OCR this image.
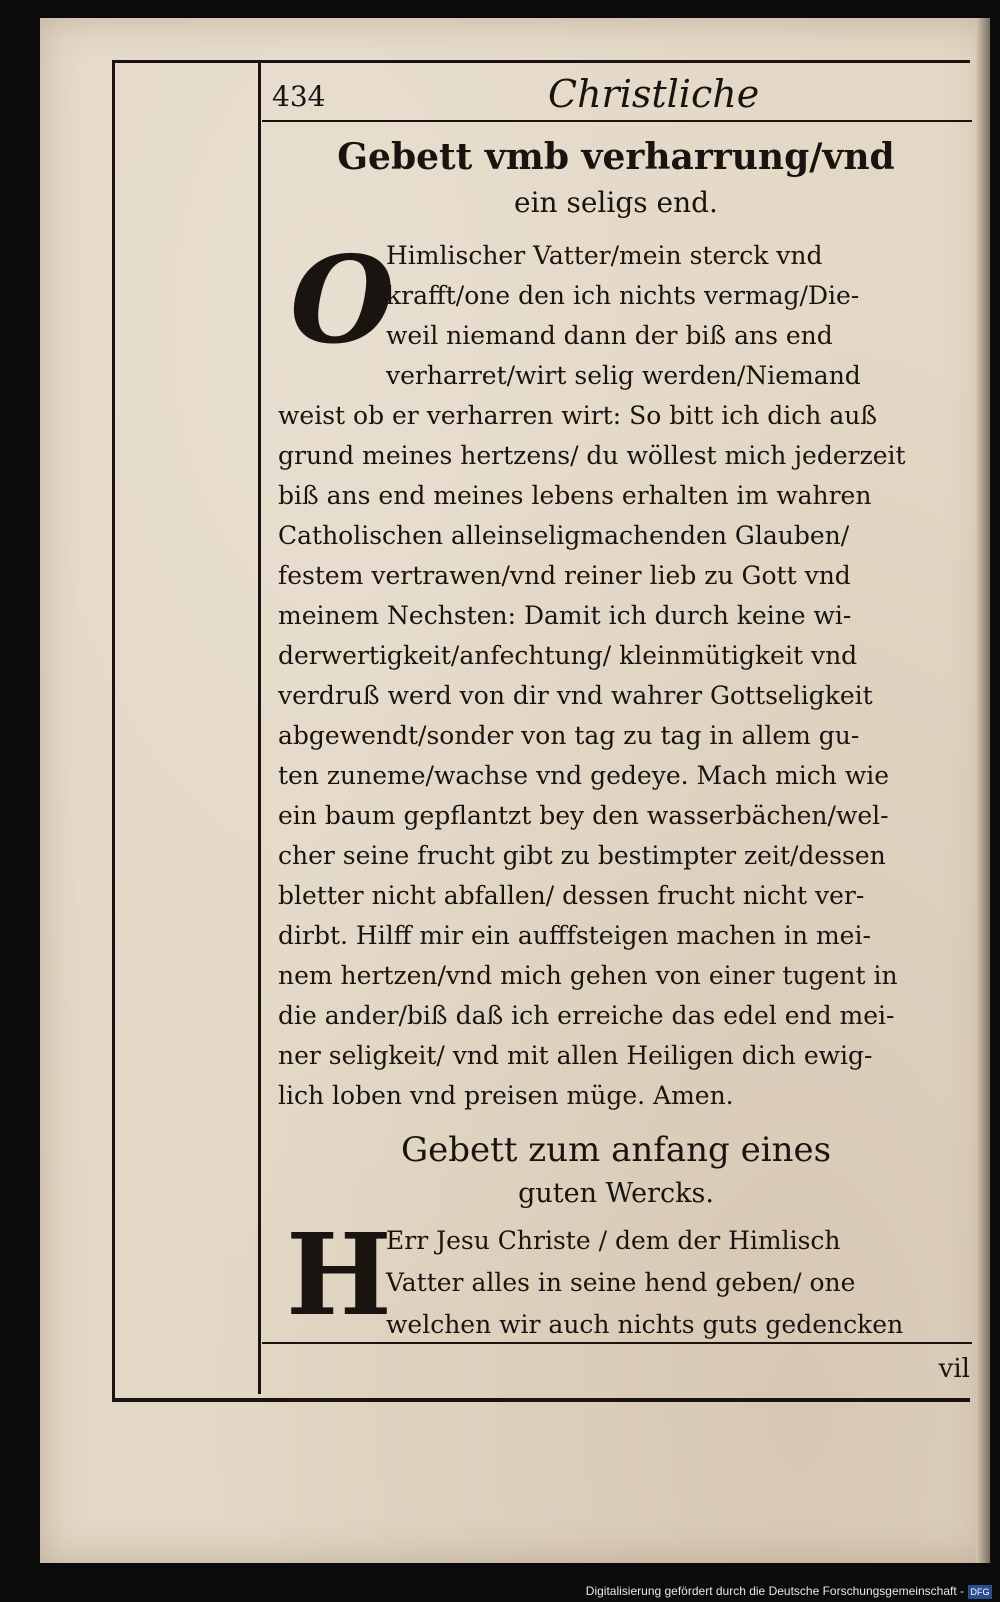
434	Christliche
Gebett vmb verharrung/vnd
ein seligs end.
O
Himlischer Vatter/mein sterck vnd
krafft/one den ich nichts vermag/Die-
weil niemand dann der biß ans end
verharret/wirt selig werden/Niemand
weist ob er verharren wirt: So bitt ich dich auß
grund meines hertzens/ du wöllest mich jederzeit
biß ans end meines lebens erhalten im wahren
Catholischen alleinseligmachenden Glauben/
festem vertrawen/vnd reiner lieb zu Gott vnd
meinem Nechsten: Damit ich durch keine wi-
derwertigkeit/anfechtung/ kleinmütigkeit vnd
verdruß werd von dir vnd wahrer Gottseligkeit
abgewendt/sonder von tag zu tag in allem gu-
ten zuneme/wachse vnd gedeye. Mach mich wie
ein baum gepflantzt bey den wasserbächen/wel-
cher seine frucht gibt zu bestimpter zeit/dessen
bletter nicht abfallen/ dessen frucht nicht ver-
dirbt. Hilff mir ein aufffsteigen machen in mei-
nem hertzen/vnd mich gehen von einer tugent in
die ander/biß daß ich erreiche das edel end mei-
ner seligkeit/ vnd mit allen Heiligen dich ewig-
lich loben vnd preisen müge. Amen.
Gebett zum anfang eines
guten Wercks.
H
Err Jesu Christe / dem der Himlisch
Vatter alles in seine hend geben/ one
welchen wir auch nichts guts gedencken
vil
Digitalisierung gefördert durch die Deutsche Forschungsgemeinschaft - DFG
